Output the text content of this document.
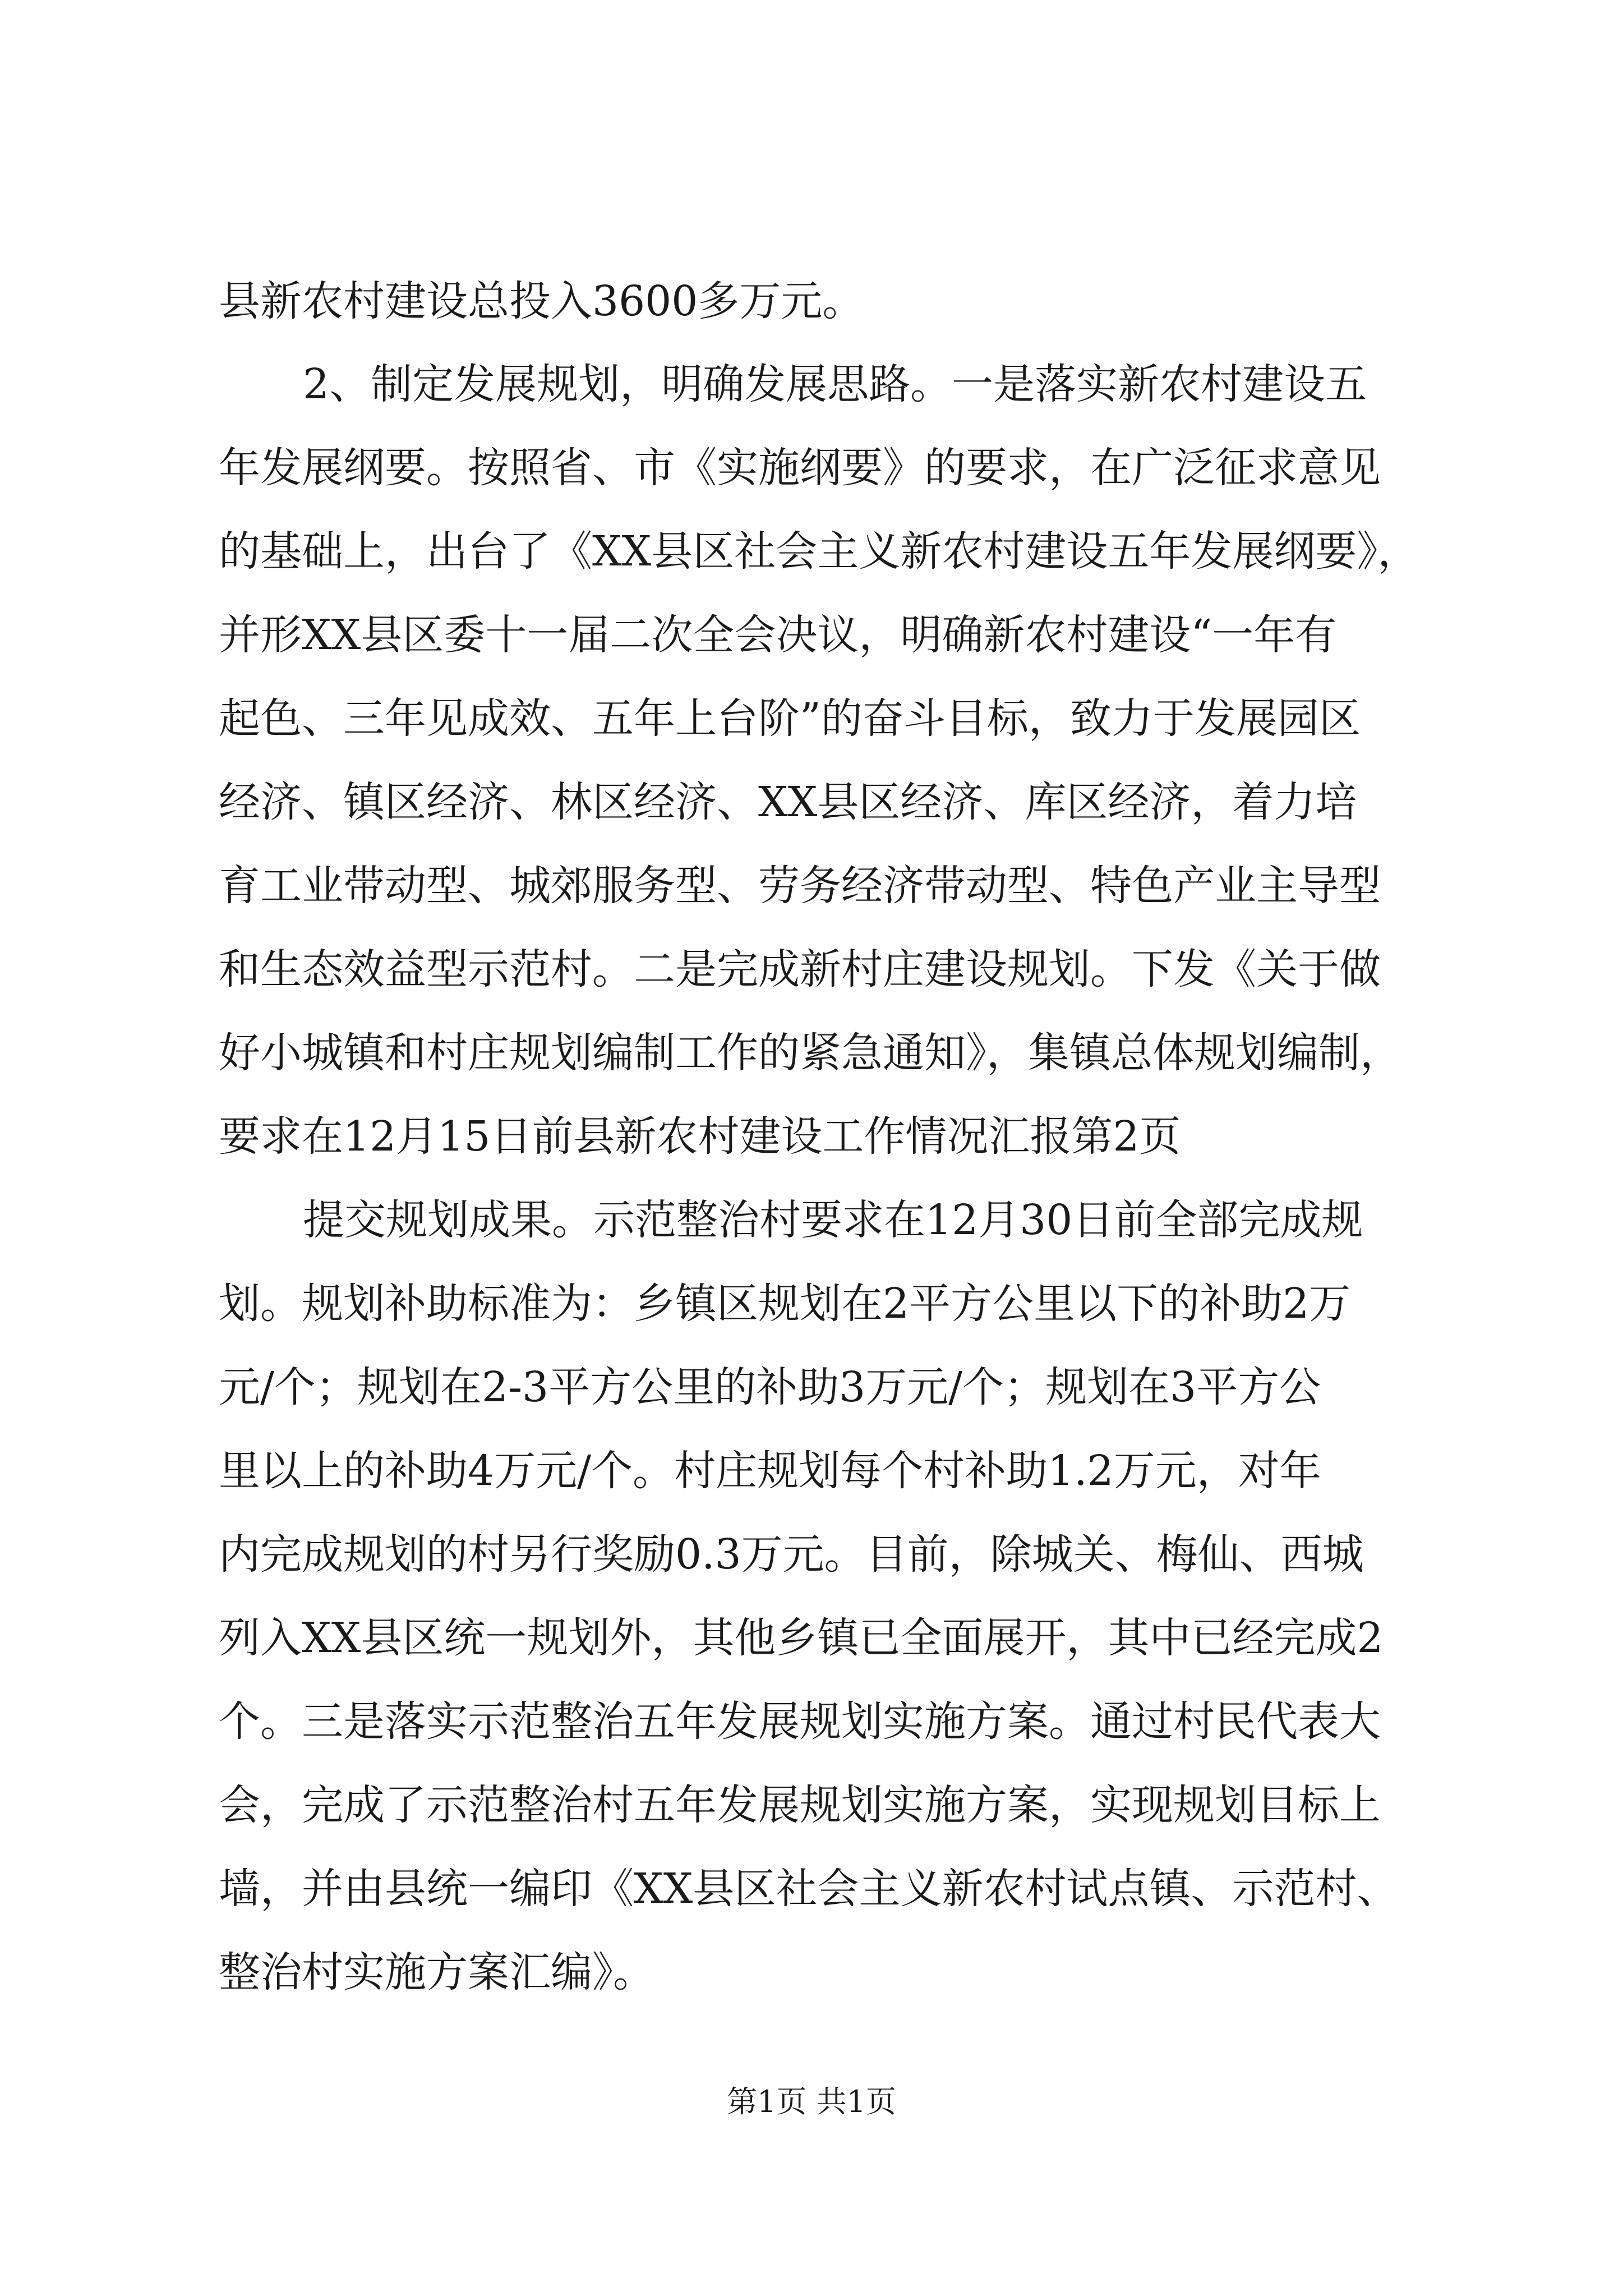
县新农村建设总投入3600多万元。
2、制定发展规划，明确发展思路。一是落实新农村建设五
年发展纲要。按照省、市《实施纲要》的要求，在广泛征求意见
的基础上，出台了《XX县区社会主义新农村建设五年发展纲要》，
并形XX县区委十一届二次全会决议，明确新农村建设“一年有
起色、三年见成效、五年上台阶”的奋斗目标，致力于发展园区
经济、镇区经济、林区经济、XX县区经济、库区经济，着力培
育工业带动型、城郊服务型、劳务经济带动型、特色产业主导型
和生态效益型示范村。二是完成新村庄建设规划。下发《关于做
好小城镇和村庄规划编制工作的紧急通知》，集镇总体规划编制，
要求在12月15日前县新农村建设工作情况汇报第2页
提交规划成果。示范整治村要求在12月30日前全部完成规
划。规划补助标准为：乡镇区规划在2平方公里以下的补助2万
元/个；规划在2-3平方公里的补助3万元/个；规划在3平方公
里以上的补助4万元/个。村庄规划每个村补助1.2万元，对年
内完成规划的村另行奖励0.3万元。目前，除城关、梅仙、西城
列入XX县区统一规划外，其他乡镇已全面展开，其中已经完成2
个。三是落实示范整治五年发展规划实施方案。通过村民代表大
会，完成了示范整治村五年发展规划实施方案，实现规划目标上
墙，并由县统一编印《XX县区社会主义新农村试点镇、示范村、
整治村实施方案汇编》。
第1页 共1页
